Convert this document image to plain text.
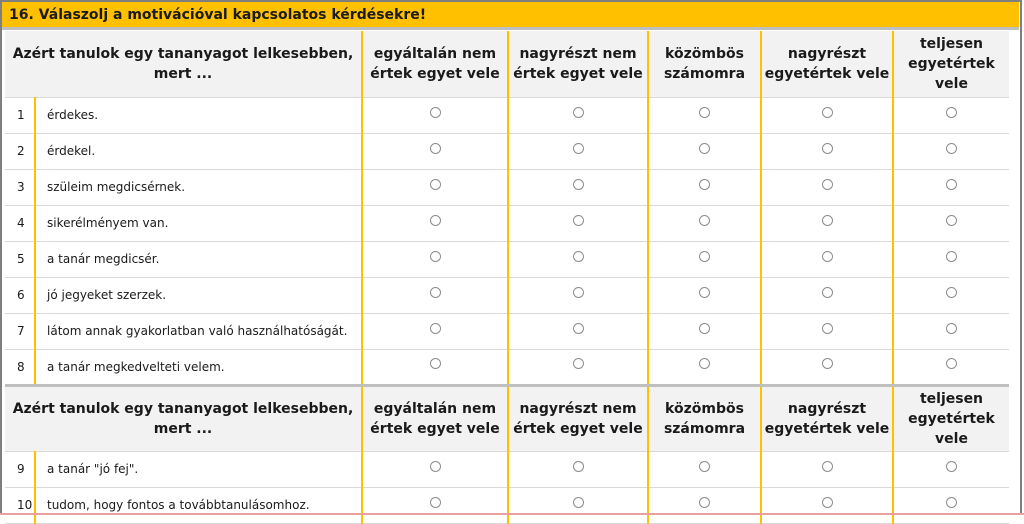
16. Válaszolj a motivációval kapcsolatos kérdésekre!
Azért tanulok egy tananyagot lelkesebben, mert ...		egyáltalán nem értek egyet vele	nagyrészt nem értek egyet vele	közömbös számomra	nagyrészt egyetértek vele	teljesen egyetértek vele
1	érdekes.					
2	érdekel.					
3	szüleim megdicsérnek.					
4	sikerélményem van.					
5	a tanár megdicsér.					
6	jó jegyeket szerzek.					
7	látom annak gyakorlatban való használhatóságát.					
8	a tanár megkedvelteti velem.					
Azért tanulok egy tananyagot lelkesebben, mert ...		egyáltalán nem értek egyet vele	nagyrészt nem értek egyet vele	közömbös számomra	nagyrészt egyetértek vele	teljesen egyetértek vele
9	a tanár "jó fej".					
10	tudom, hogy fontos a továbbtanulásomhoz.					
